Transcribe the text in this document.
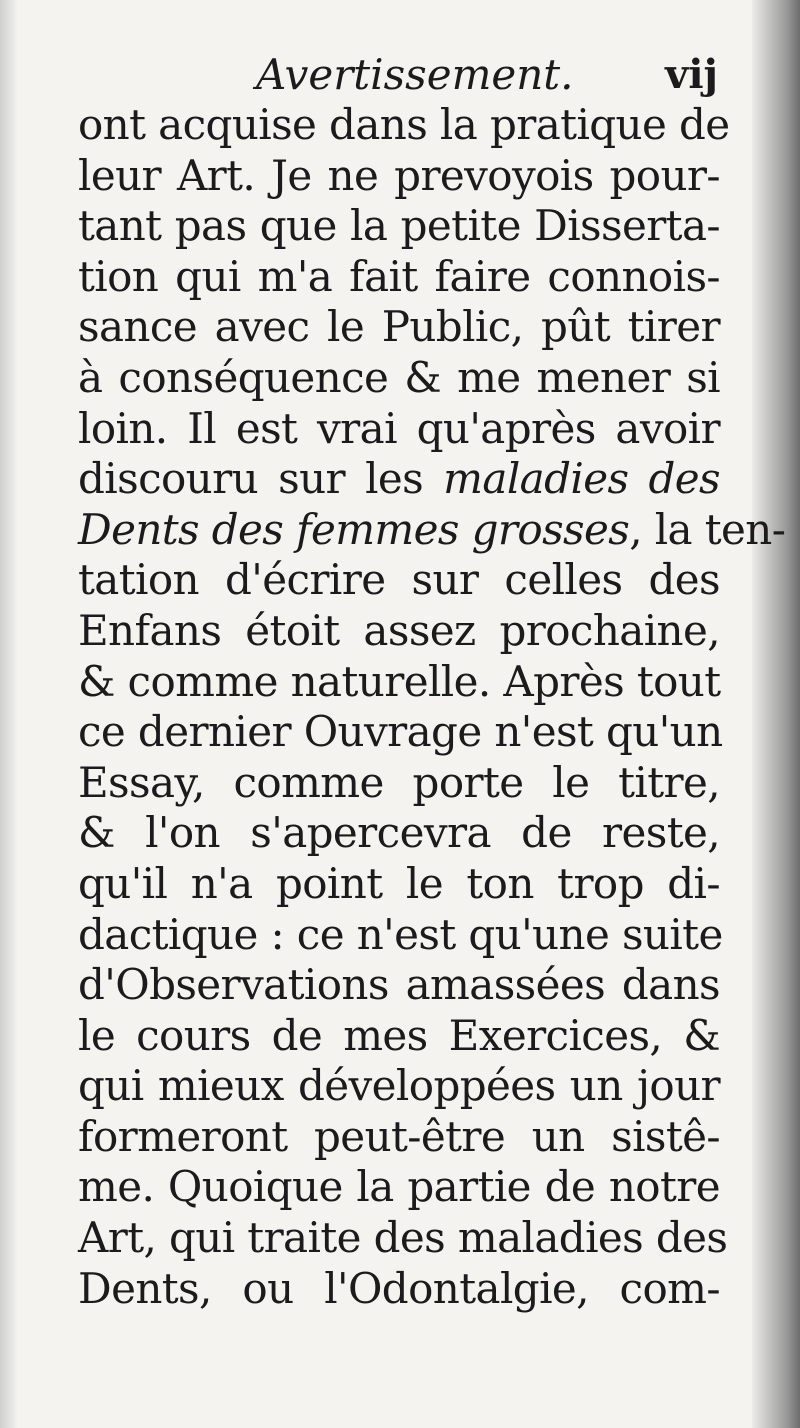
Avertissement. vij
ont acquise dans la pratique de
leur Art. Je ne prevoyois pour-
tant pas que la petite Disserta-
tion qui m'a fait faire connois-
sance avec le Public, pût tirer
à conséquence & me mener si
loin. Il est vrai qu'après avoir
discouru sur les maladies des
Dents des femmes grosses, la ten-
tation d'écrire sur celles des
Enfans étoit assez prochaine,
& comme naturelle. Après tout
ce dernier Ouvrage n'est qu'un
Essay, comme porte le titre,
& l'on s'apercevra de reste,
qu'il n'a point le ton trop di-
dactique : ce n'est qu'une suite
d'Observations amassées dans
le cours de mes Exercices, &
qui mieux développées un jour
formeront peut-être un sistê-
me. Quoique la partie de notre
Art, qui traite des maladies des
Dents, ou l'Odontalgie, com-
